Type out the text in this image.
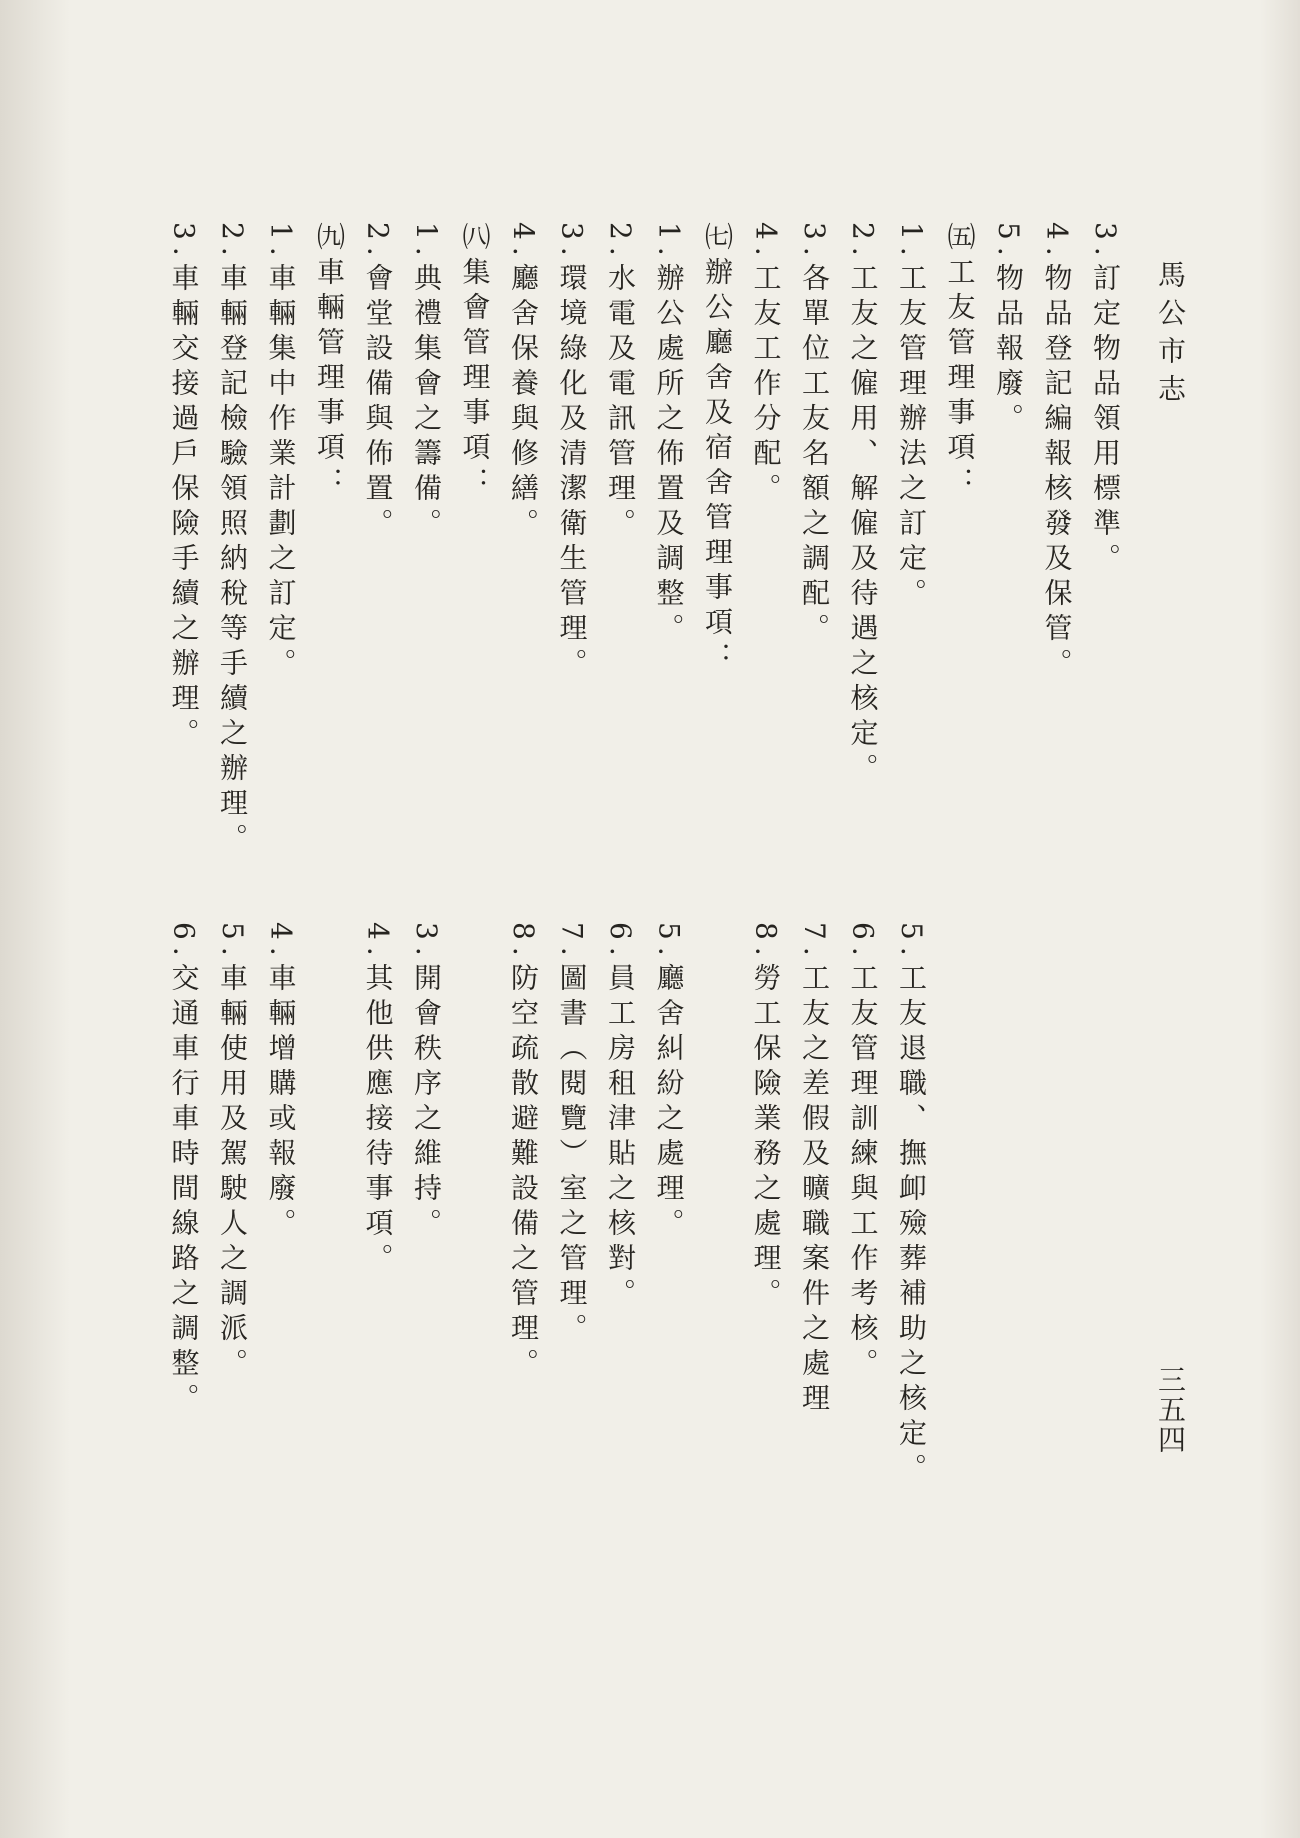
馬公市志
三五四
3.訂定物品領用標準。
4.物品登記編報核發及保管。
5.物品報廢。
㈤工友管理事項：
1.工友管理辦法之訂定。
5.工友退職、撫卹殮葬補助之核定。
2.工友之僱用、解僱及待遇之核定。
6.工友管理訓練與工作考核。
3.各單位工友名額之調配。
7.工友之差假及曠職案件之處理
4.工友工作分配。
8.勞工保險業務之處理。
㈦辦公廳舍及宿舍管理事項：
1.辦公處所之佈置及調整。
5.廳舍糾紛之處理。
2.水電及電訊管理。
6.員工房租津貼之核對。
3.環境綠化及清潔衛生管理。
7.圖書（閱覽）室之管理。
4.廳舍保養與修繕。
8.防空疏散避難設備之管理。
㈧集會管理事項：
1.典禮集會之籌備。
3.開會秩序之維持。
2.會堂設備與佈置。
4.其他供應接待事項。
㈨車輛管理事項：
1.車輛集中作業計劃之訂定。
4.車輛增購或報廢。
2.車輛登記檢驗領照納稅等手續之辦理。
5.車輛使用及駕駛人之調派。
3.車輛交接過戶保險手續之辦理。
6.交通車行車時間線路之調整。
